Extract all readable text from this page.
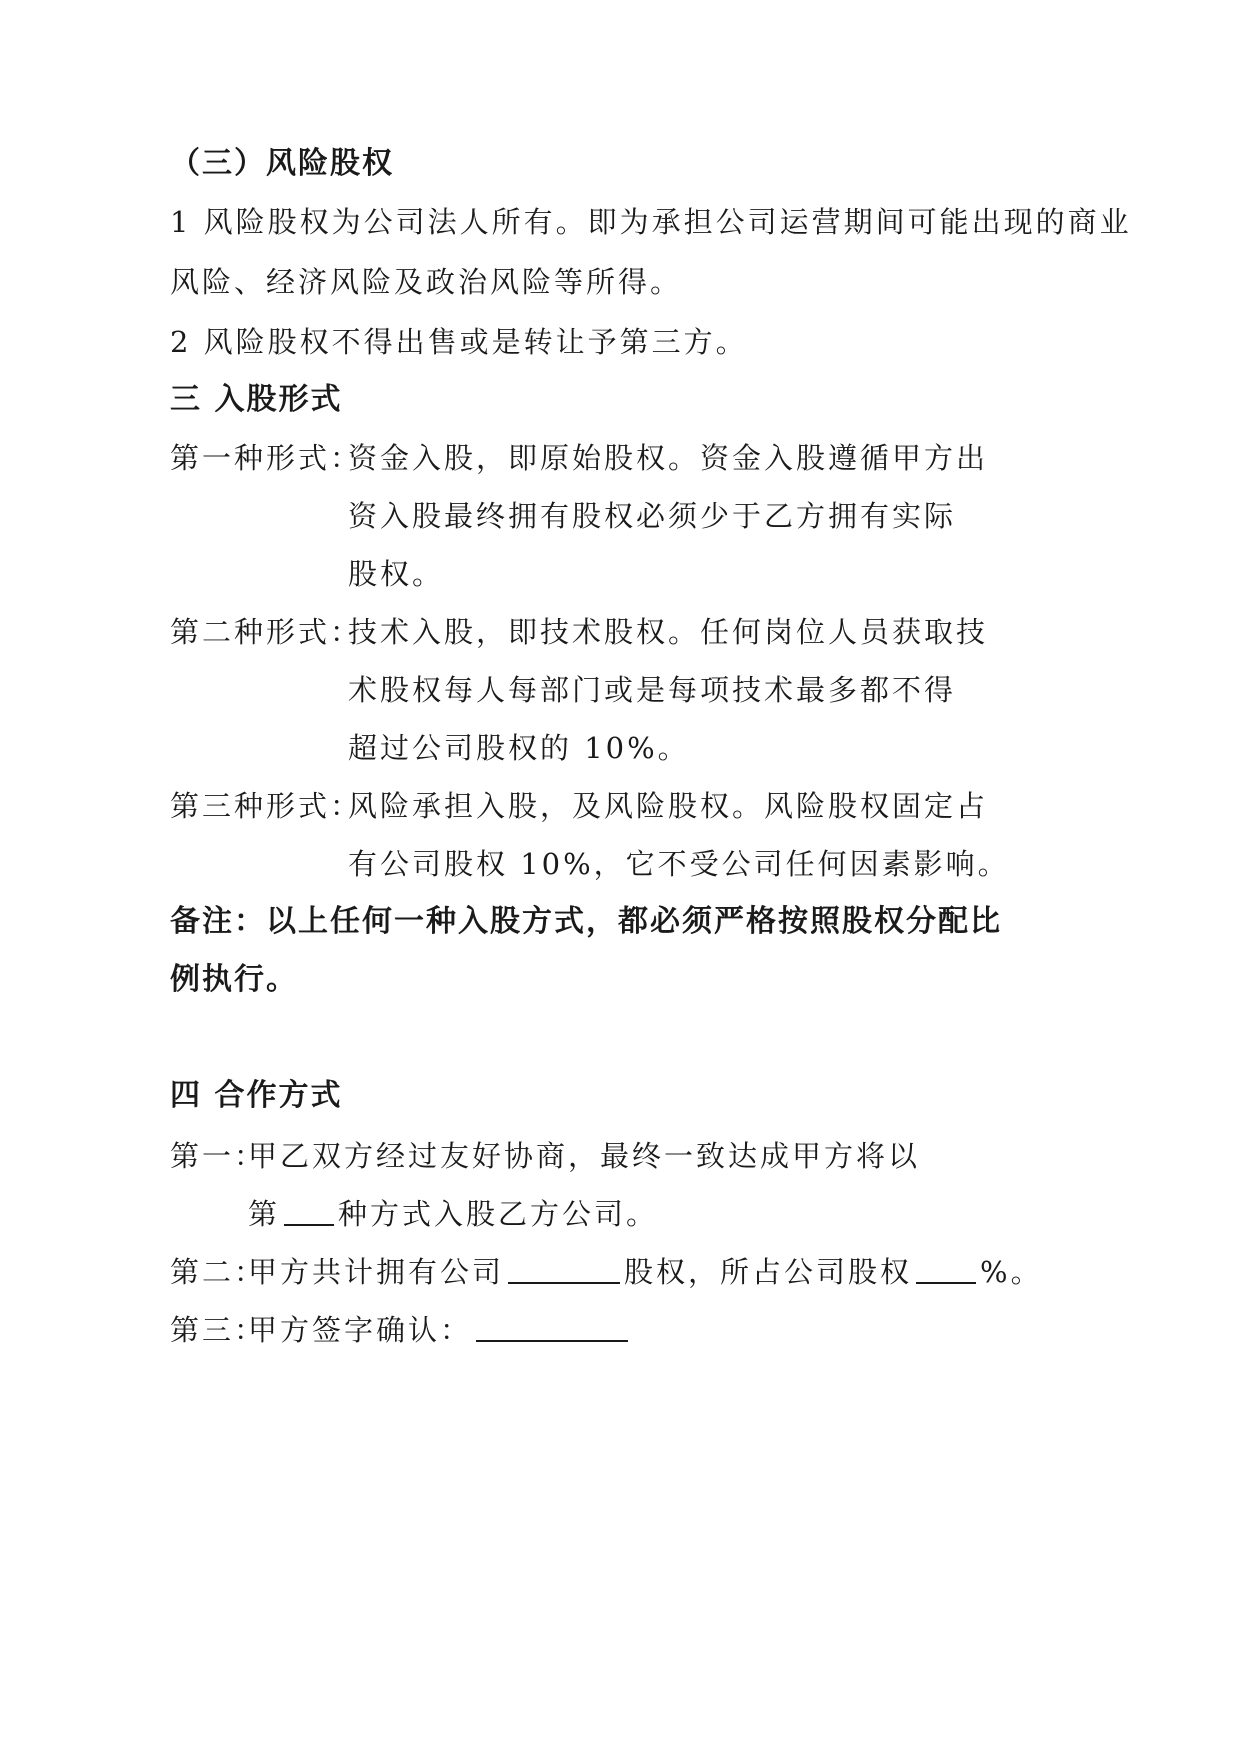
（三）风险股权
1 风险股权为公司法人所有。即为承担公司运营期间可能出现的商业
风险、经济风险及政治风险等所得。
2 风险股权不得出售或是转让予第三方。
三 入股形式
第一种形式：
资金入股，即原始股权。资金入股遵循甲方出
资入股最终拥有股权必须少于乙方拥有实际
股权。
第二种形式：
技术入股，即技术股权。任何岗位人员获取技
术股权每人每部门或是每项技术最多都不得
超过公司股权的 10%。
第三种形式：
风险承担入股，及风险股权。风险股权固定占
有公司股权 10%，它不受公司任何因素影响。
备注：以上任何一种入股方式，都必须严格按照股权分配比
例执行。
四 合作方式
第一：
甲乙双方经过友好协商，最终一致达成甲方将以
第 种方式入股乙方公司。
第二：
甲方共计拥有公司	股权，所占公司股权 %。
第三：
甲方签字确认：
